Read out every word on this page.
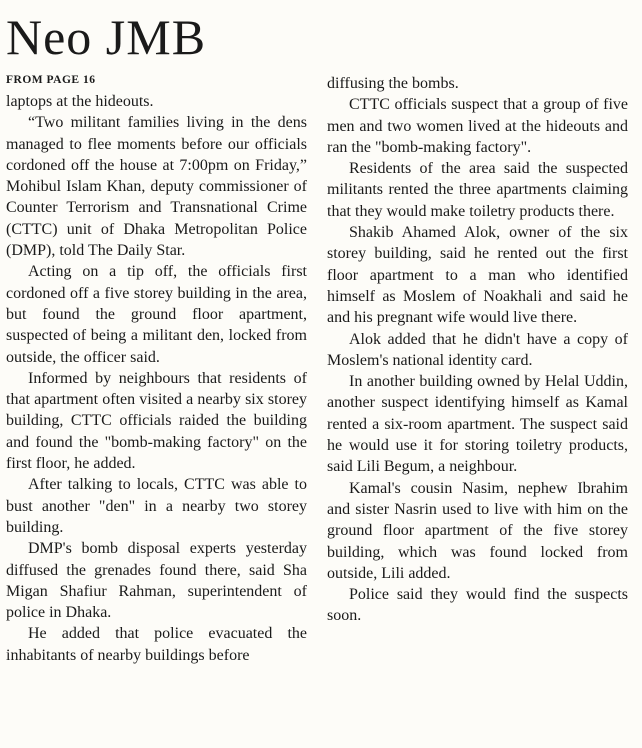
Neo JMB
FROM PAGE 16

laptops at the hideouts.

“Two militant families living in the dens managed to flee moments before our officials cordoned off the house at 7:00pm on Friday,” Mohibul Islam Khan, deputy commissioner of Counter Terrorism and Transnational Crime (CTTC) unit of Dhaka Metropolitan Police (DMP), told The Daily Star.

Acting on a tip off, the officials first cordoned off a five storey building in the area, but found the ground floor apartment, suspected of being a militant den, locked from outside, the officer said.

Informed by neighbours that residents of that apartment often visited a nearby six storey building, CTTC officials raided the building and found the "bomb-making factory" on the first floor, he added.

After talking to locals, CTTC was able to bust another "den" in a nearby two storey building.

DMP's bomb disposal experts yesterday diffused the grenades found there, said Sha Migan Shafiur Rahman, superintendent of police in Dhaka.

He added that police evacuated the inhabitants of nearby buildings before

diffusing the bombs.

CTTC officials suspect that a group of five men and two women lived at the hideouts and ran the "bomb-making factory".

Residents of the area said the suspected militants rented the three apartments claiming that they would make toiletry products there.

Shakib Ahamed Alok, owner of the six storey building, said he rented out the first floor apartment to a man who identified himself as Moslem of Noakhali and said he and his pregnant wife would live there.

Alok added that he didn't have a copy of Moslem's national identity card.

In another building owned by Helal Uddin, another suspect identifying himself as Kamal rented a six-room apartment. The suspect said he would use it for storing toiletry products, said Lili Begum, a neighbour.

Kamal's cousin Nasim, nephew Ibrahim and sister Nasrin used to live with him on the ground floor apartment of the five storey building, which was found locked from outside, Lili added.

Police said they would find the suspects soon.
